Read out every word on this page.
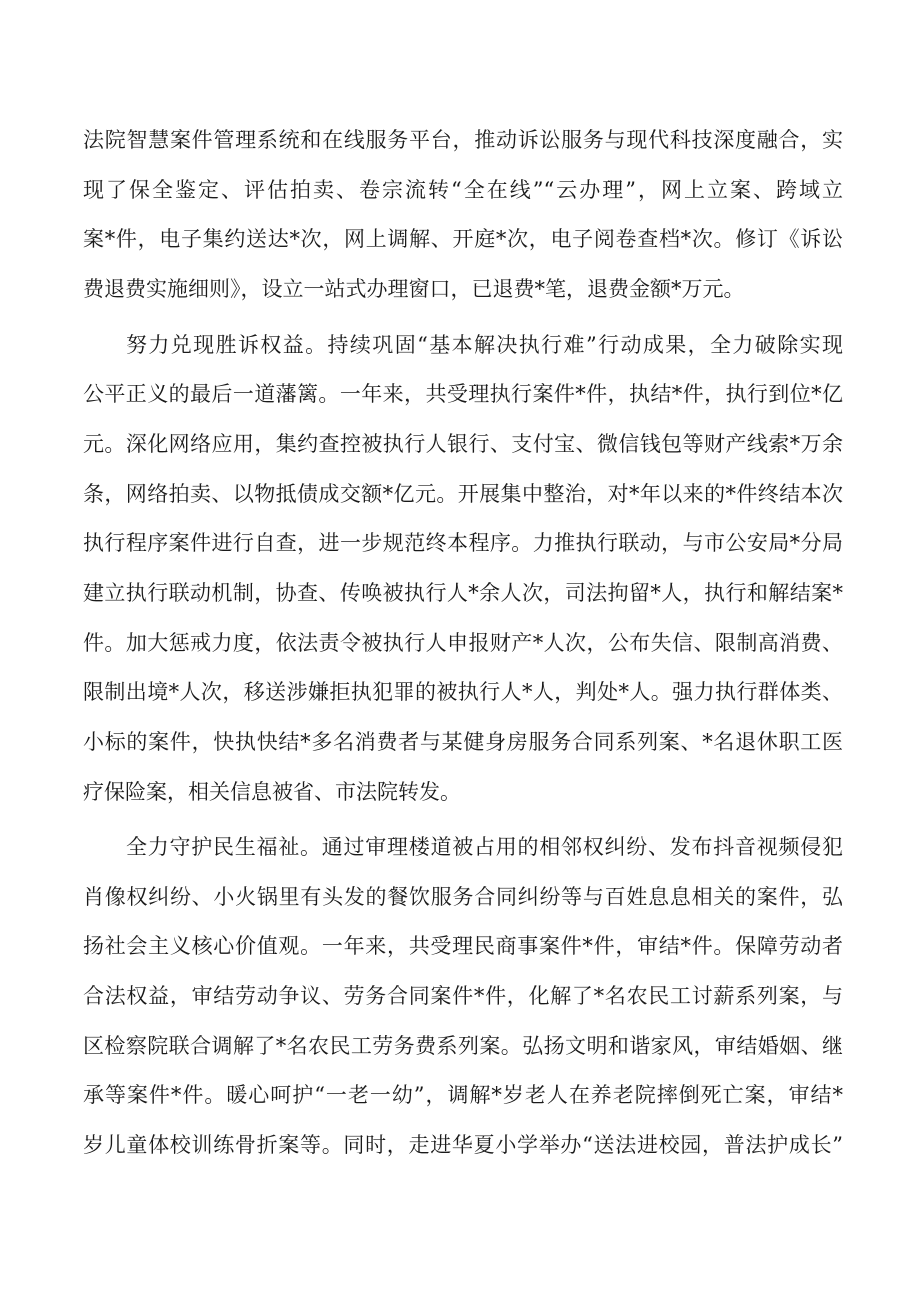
法院智慧案件管理系统和在线服务平台，推动诉讼服务与现代科技深度融合，实
现了保全鉴定、评估拍卖、卷宗流转“全在线”“云办理”，网上立案、跨域立
案*件，电子集约送达*次，网上调解、开庭*次，电子阅卷查档*次。修订《诉讼
费退费实施细则》，设立一站式办理窗口，已退费*笔，退费金额*万元。
努力兑现胜诉权益。持续巩固“基本解决执行难”行动成果，全力破除实现
公平正义的最后一道藩篱。一年来，共受理执行案件*件，执结*件，执行到位*亿
元。深化网络应用，集约查控被执行人银行、支付宝、微信钱包等财产线索*万余
条，网络拍卖、以物抵债成交额*亿元。开展集中整治，对*年以来的*件终结本次
执行程序案件进行自查，进一步规范终本程序。力推执行联动，与市公安局*分局
建立执行联动机制，协查、传唤被执行人*余人次，司法拘留*人，执行和解结案*
件。加大惩戒力度，依法责令被执行人申报财产*人次，公布失信、限制高消费、
限制出境*人次，移送涉嫌拒执犯罪的被执行人*人，判处*人。强力执行群体类、
小标的案件，快执快结*多名消费者与某健身房服务合同系列案、*名退休职工医
疗保险案，相关信息被省、市法院转发。
全力守护民生福祉。通过审理楼道被占用的相邻权纠纷、发布抖音视频侵犯
肖像权纠纷、小火锅里有头发的餐饮服务合同纠纷等与百姓息息相关的案件，弘
扬社会主义核心价值观。一年来，共受理民商事案件*件，审结*件。保障劳动者
合法权益，审结劳动争议、劳务合同案件*件，化解了*名农民工讨薪系列案，与
区检察院联合调解了*名农民工劳务费系列案。弘扬文明和谐家风，审结婚姻、继
承等案件*件。暖心呵护“一老一幼”，调解*岁老人在养老院摔倒死亡案，审结*
岁儿童体校训练骨折案等。同时，走进华夏小学举办“送法进校园，普法护成长”
